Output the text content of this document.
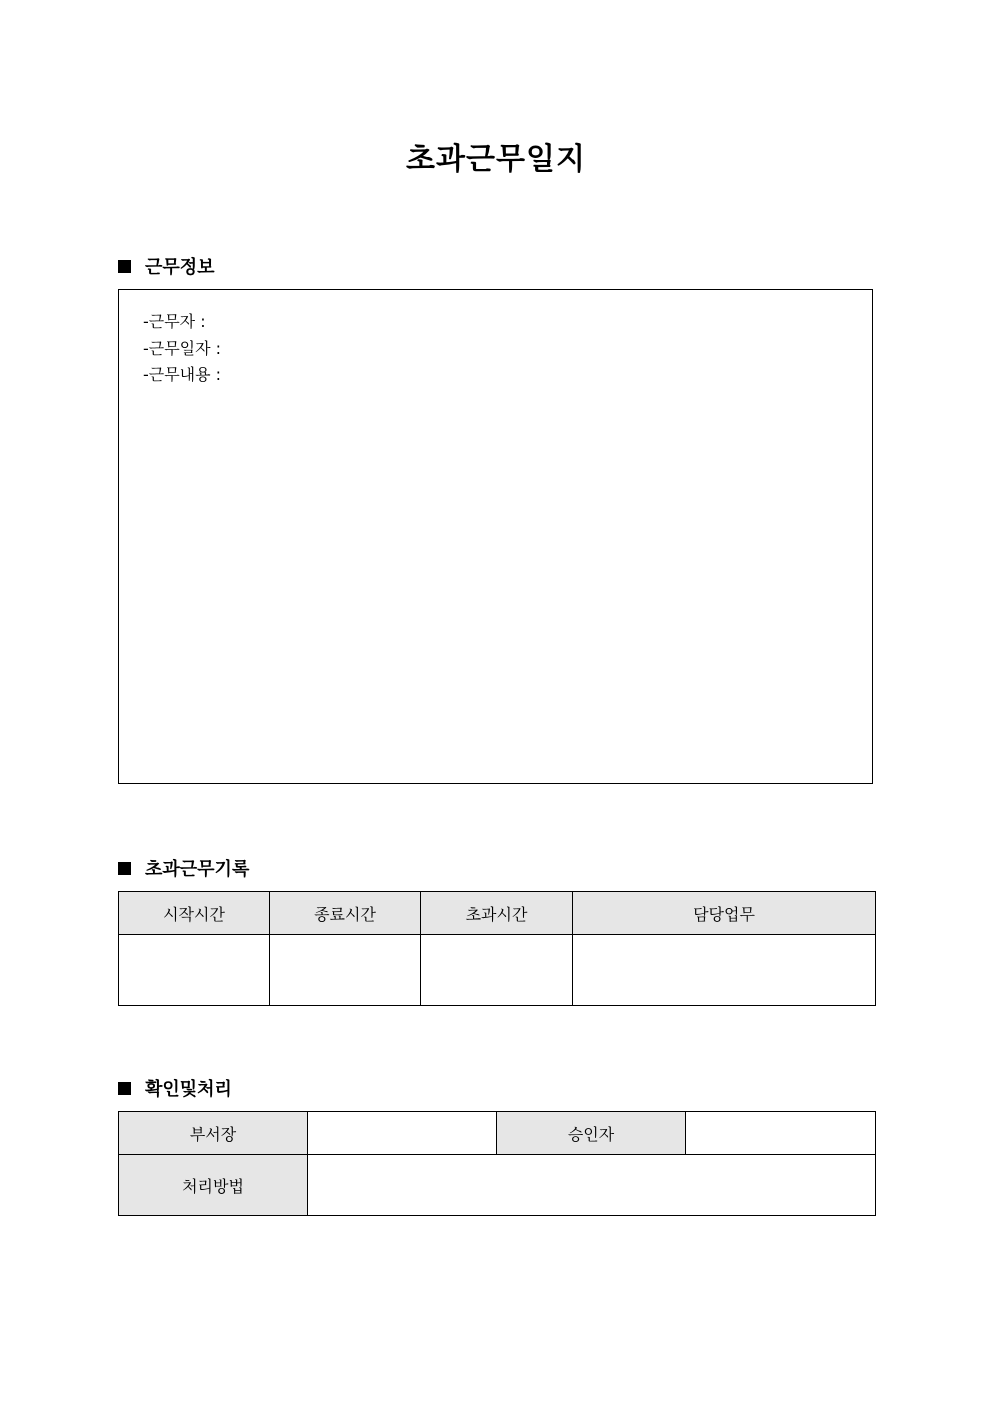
초과근무일지
근무정보
-근무자 :
-근무일자 :
-근무내용 :
초과근무기록
시작시간	종료시간	초과시간	담당업무

확인및처리
부서장		승인자	
처리방법			
